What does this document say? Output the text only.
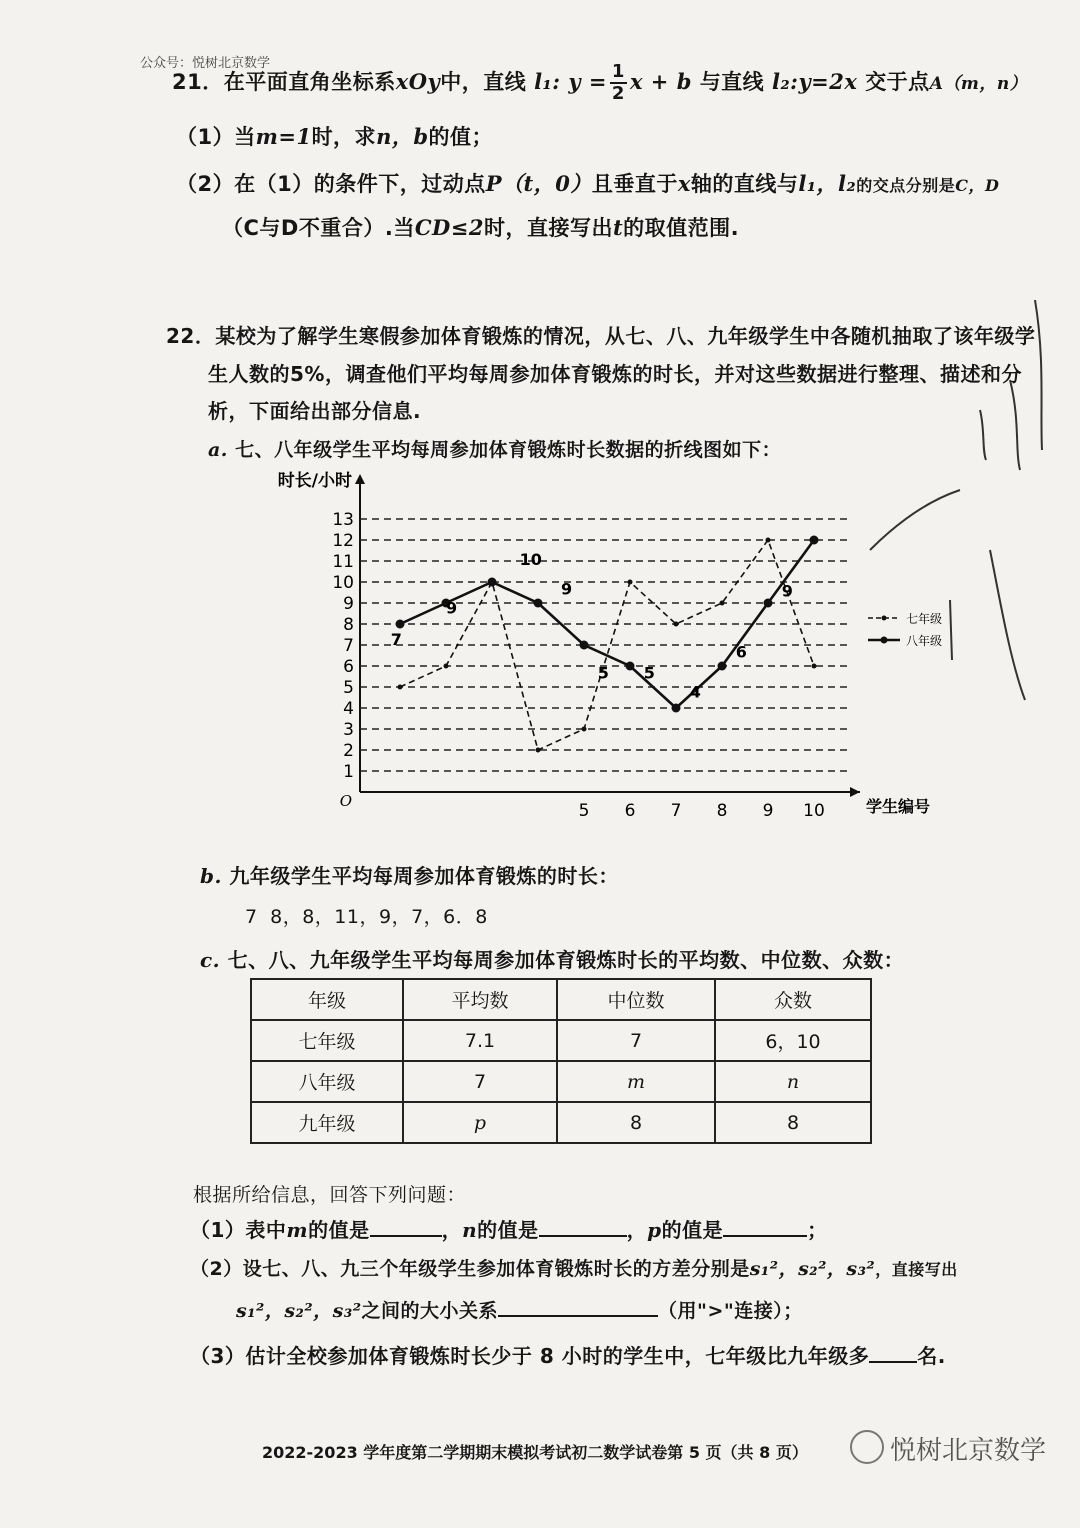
公众号：悦树北京数学
21．在平面直角坐标系xOy中，直线 l₁: $y = \frac{1}{2}$ x + b 与直线 l₂:y=2x 交于点A（m，n）
（1）当m=1时，求n，b的值；
（2）在（1）的条件下，过动点P（t，0）且垂直于x轴的直线与l₁，l₂的交点分别是C，D
（C与D不重合）.当CD≤2时，直接写出t的取值范围.
22．某校为了解学生寒假参加体育锻炼的情况，从七、八、九年级学生中各随机抽取了该年级学
生人数的5%，调查他们平均每周参加体育锻炼的时长，并对这些数据进行整理、描述和分
析，下面给出部分信息.
a. 七、八年级学生平均每周参加体育锻炼时长数据的折线图如下：
1
2
3
4
5
6
7
8
9
10
11
12
13
时长/小时
学生编号
O	5 6 7 8 9 10
7
9
10
9
5 5
4
6
9
七年级
八年级
b. 九年级学生平均每周参加体育锻炼的时长：
7 8，8，11，9，7，6．8
c. 七、八、九年级学生平均每周参加体育锻炼时长的平均数、中位数、众数：
年级	平均数	中位数	众数
七年级	7.1	7	6，10
八年级	7	m	n
九年级	p	8	8
根据所给信息，回答下列问题：
（1）表中m的值是	，n的值是	，p的值是	；
（2）设七、八、九三个年级学生参加体育锻炼时长的方差分别是s₁²，s₂²，s₃²，直接写出
s₁²，s₂²，s₃²之间的大小关系	（用">"连接）；
（3）估计全校参加体育锻炼时长少于 8 小时的学生中，七年级比九年级多 名.
2022-2023 学年度第二学期期末模拟考试初二数学试卷第 5 页（共 8 页）	悦树北京数学
